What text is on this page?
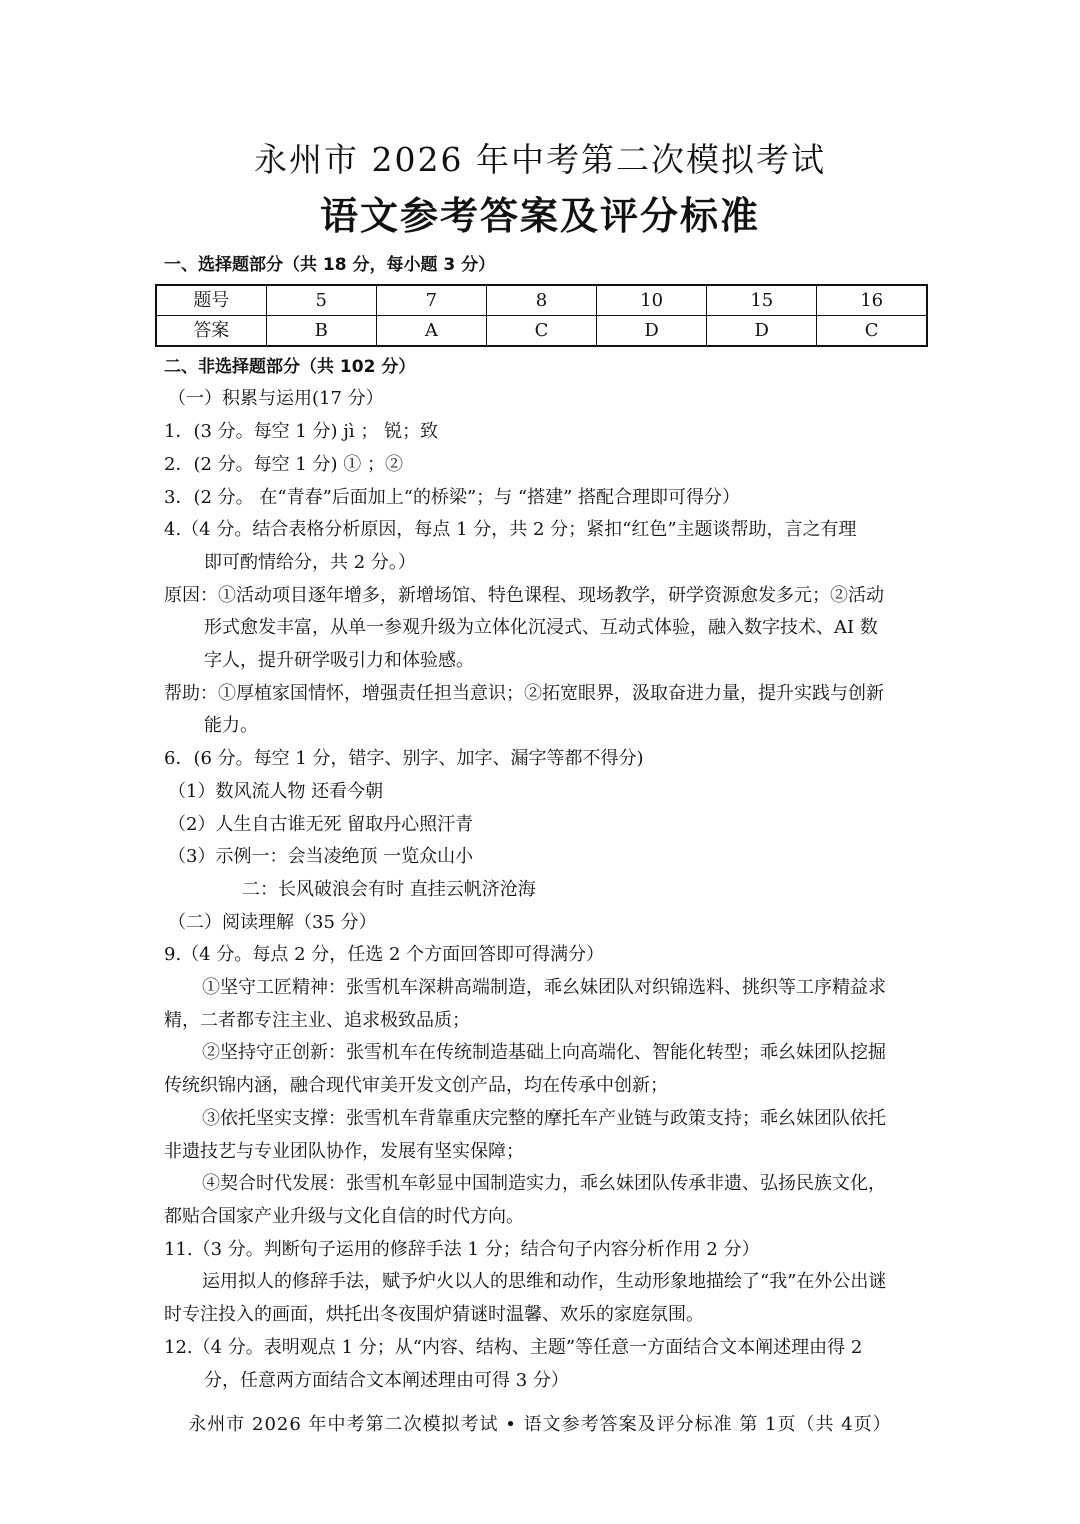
永州市 2026 年中考第二次模拟考试
语文参考答案及评分标准

一、选择题部分（共 18 分，每小题 3 分）

题号	5	7	8	10	15	16
答案	B	A	C	D	D	C

二、非选择题部分（共 102 分）

（一）积累与运用(17 分）

1．(3 分。每空 1 分) jì ； 锐；致

2．(2 分。每空 1 分) ① ；②

3．(2 分。 在“青春”后面加上“的桥梁”；与 “搭建” 搭配合理即可得分）

4.（4 分。结合表格分析原因，每点 1 分，共 2 分；紧扣“红色”主题谈帮助，言之有理

即可酌情给分，共 2 分。）

原因：①活动项目逐年增多，新增场馆、特色课程、现场教学，研学资源愈发多元；②活动

形式愈发丰富，从单一参观升级为立体化沉浸式、互动式体验，融入数字技术、AI 数

字人，提升研学吸引力和体验感。

帮助：①厚植家国情怀，增强责任担当意识；②拓宽眼界，汲取奋进力量，提升实践与创新

能力。

6．(6 分。每空 1 分，错字、别字、加字、漏字等都不得分)

（1）数风流人物 还看今朝

（2）人生自古谁无死 留取丹心照汗青

（3）示例一：会当凌绝顶 一览众山小

二：长风破浪会有时 直挂云帆济沧海

（二）阅读理解（35 分）

9.（4 分。每点 2 分，任选 2 个方面回答即可得满分）

①坚守工匠精神：张雪机车深耕高端制造，乖幺妹团队对织锦选料、挑织等工序精益求

精，二者都专注主业、追求极致品质；

②坚持守正创新：张雪机车在传统制造基础上向高端化、智能化转型；乖幺妹团队挖掘

传统织锦内涵，融合现代审美开发文创产品，均在传承中创新；

③依托坚实支撑：张雪机车背靠重庆完整的摩托车产业链与政策支持；乖幺妹团队依托

非遗技艺与专业团队协作，发展有坚实保障；

④契合时代发展：张雪机车彰显中国制造实力，乖幺妹团队传承非遗、弘扬民族文化，

都贴合国家产业升级与文化自信的时代方向。

11.（3 分。判断句子运用的修辞手法 1 分；结合句子内容分析作用 2 分）

运用拟人的修辞手法，赋予炉火以人的思维和动作，生动形象地描绘了“我”在外公出谜

时专注投入的画面，烘托出冬夜围炉猜谜时温馨、欢乐的家庭氛围。

12.（4 分。表明观点 1 分；从“内容、结构、主题”等任意一方面结合文本阐述理由得 2

分，任意两方面结合文本阐述理由可得 3 分）

永州市 2026 年中考第二次模拟考试 • 语文参考答案及评分标准 第 1页（共 4页）
